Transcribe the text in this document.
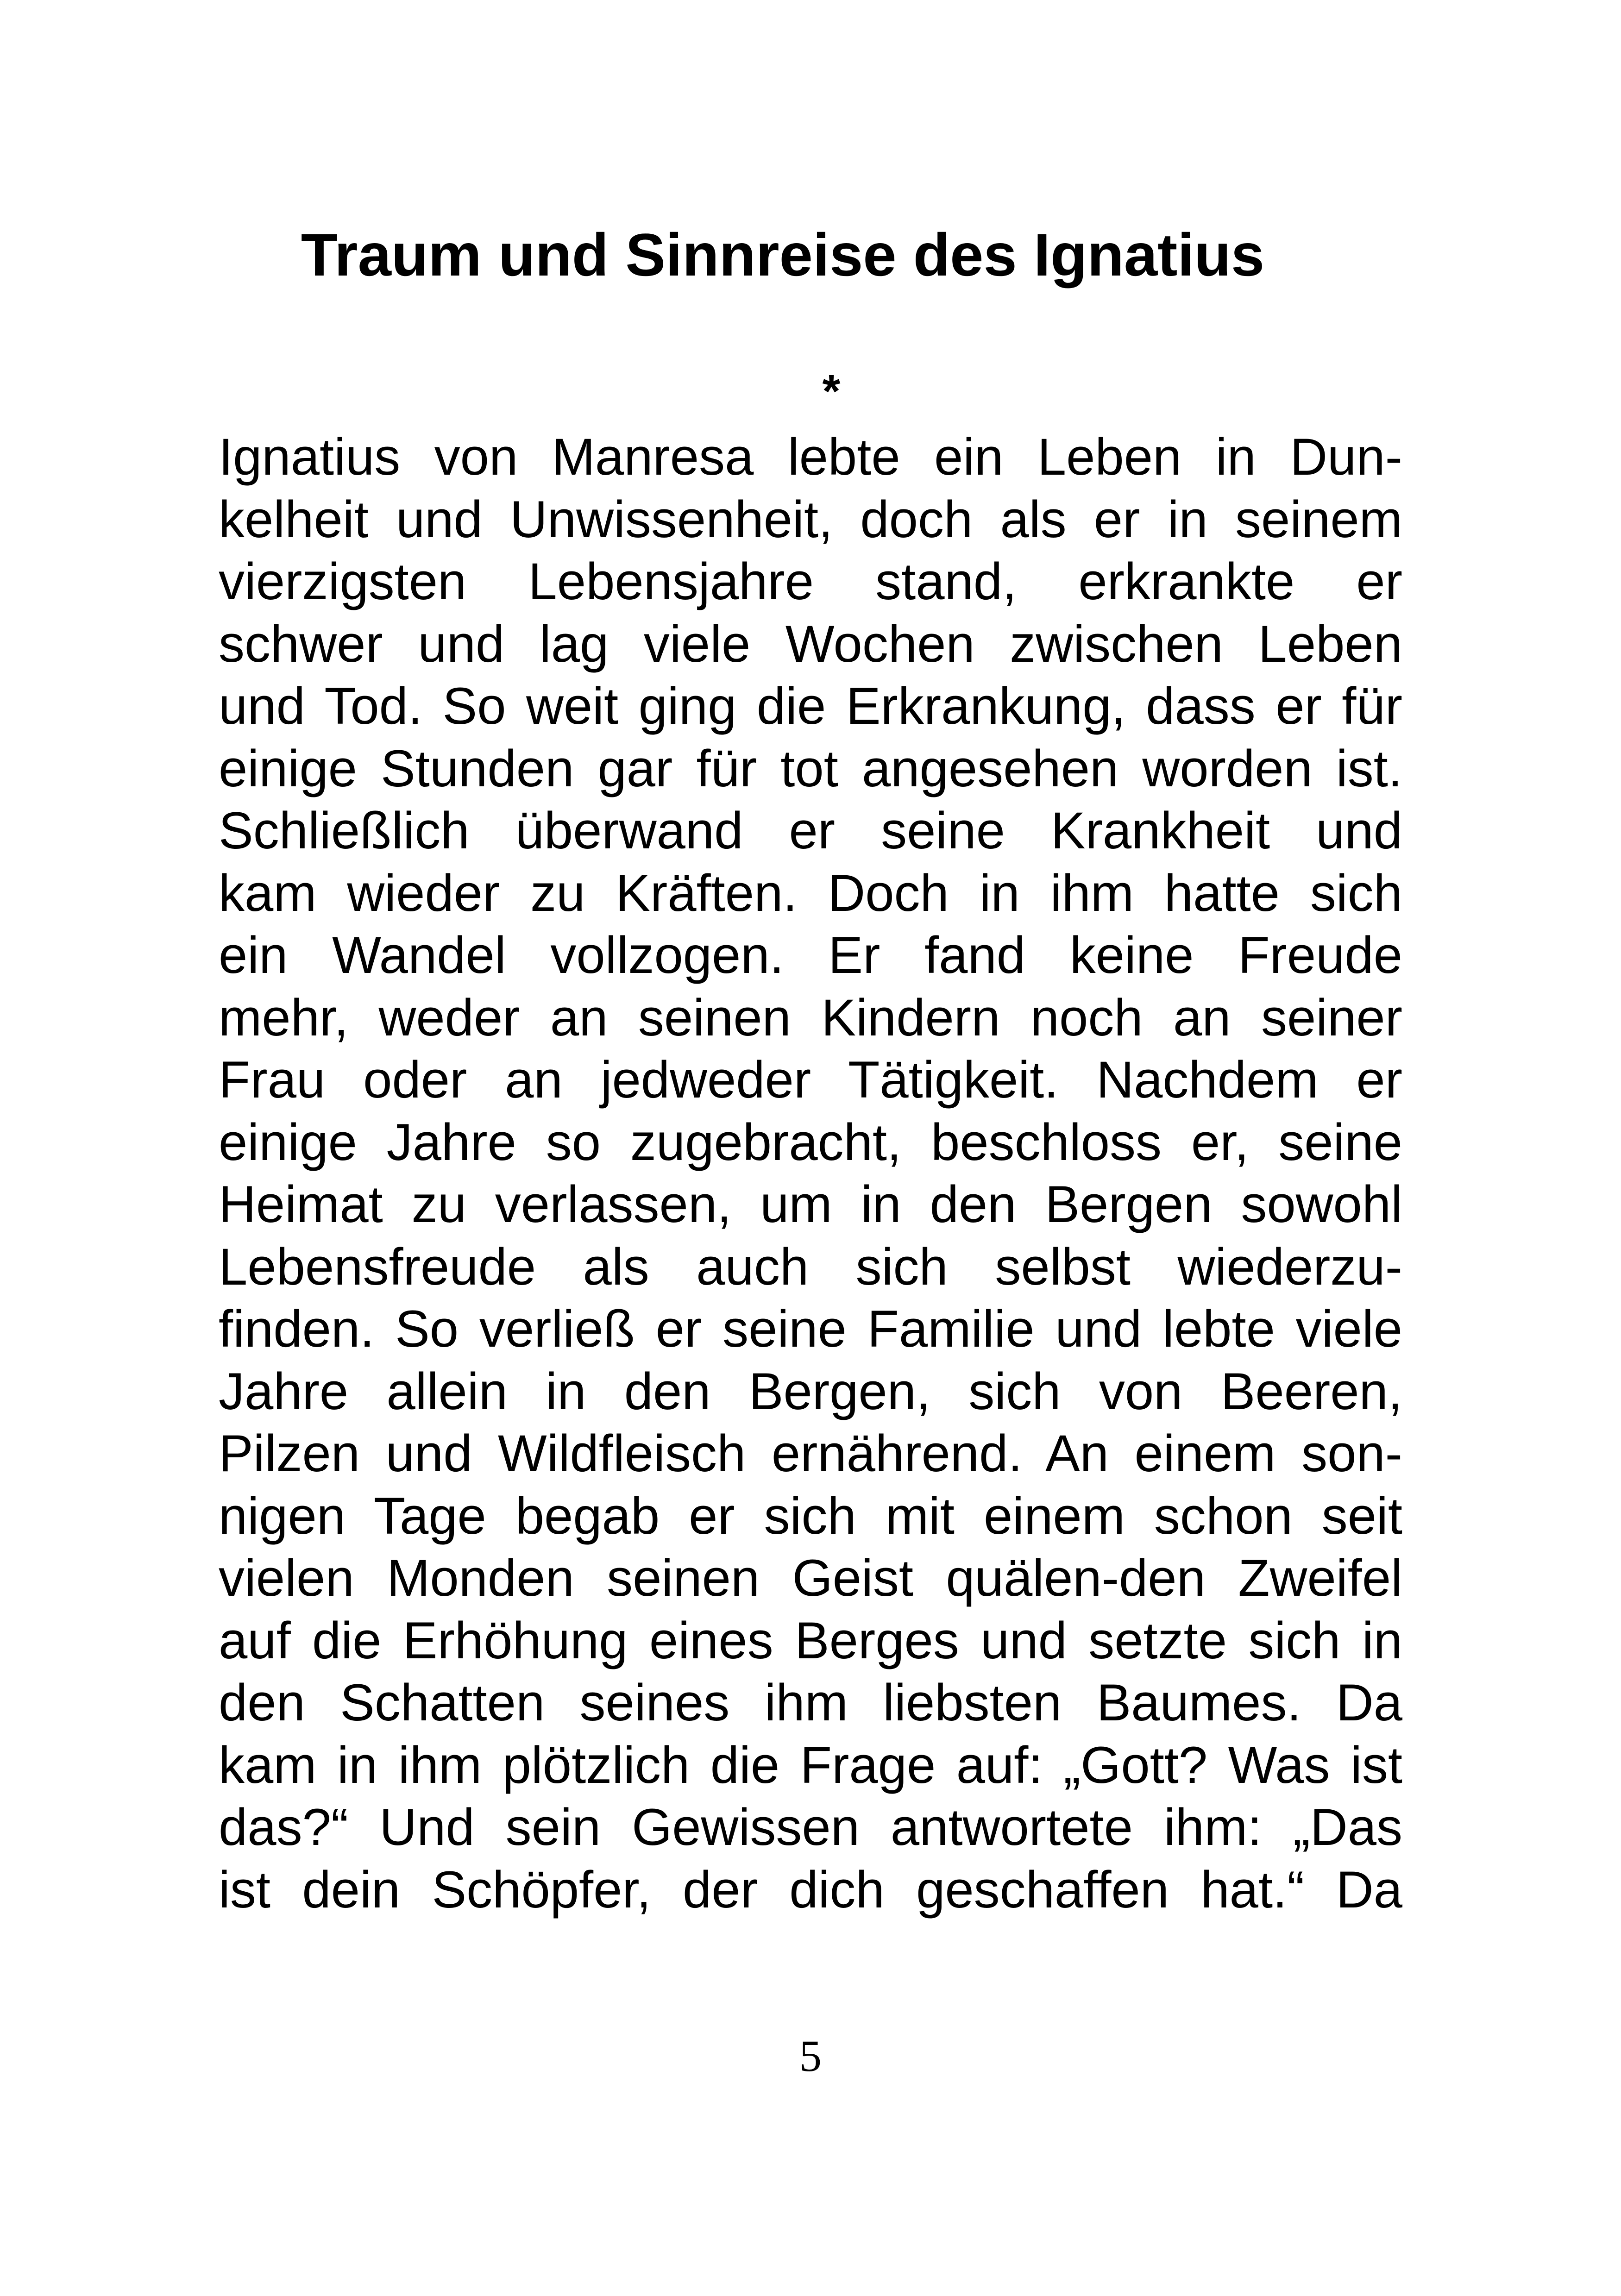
Traum und Sinnreise des Ignatius
*
Ignatius von Manresa lebte ein Leben in Dun-
kelheit und Unwissenheit, doch als er in seinem
vierzigsten Lebensjahre stand, erkrankte er
schwer und lag viele Wochen zwischen Leben
und Tod. So weit ging die Erkrankung, dass er für
einige Stunden gar für tot angesehen worden ist.
Schließlich überwand er seine Krankheit und
kam wieder zu Kräften. Doch in ihm hatte sich
ein Wandel vollzogen. Er fand keine Freude
mehr, weder an seinen Kindern noch an seiner
Frau oder an jedweder Tätigkeit. Nachdem er
einige Jahre so zugebracht, beschloss er, seine
Heimat zu verlassen, um in den Bergen sowohl
Lebensfreude als auch sich selbst wiederzu-
finden. So verließ er seine Familie und lebte viele
Jahre allein in den Bergen, sich von Beeren,
Pilzen und Wildfleisch ernährend. An einem son-
nigen Tage begab er sich mit einem schon seit
vielen Monden seinen Geist quälen-den Zweifel
auf die Erhöhung eines Berges und setzte sich in
den Schatten seines ihm liebsten Baumes. Da
kam in ihm plötzlich die Frage auf: „Gott? Was ist
das?“ Und sein Gewissen antwortete ihm: „Das
ist dein Schöpfer, der dich geschaffen hat.“ Da
5
